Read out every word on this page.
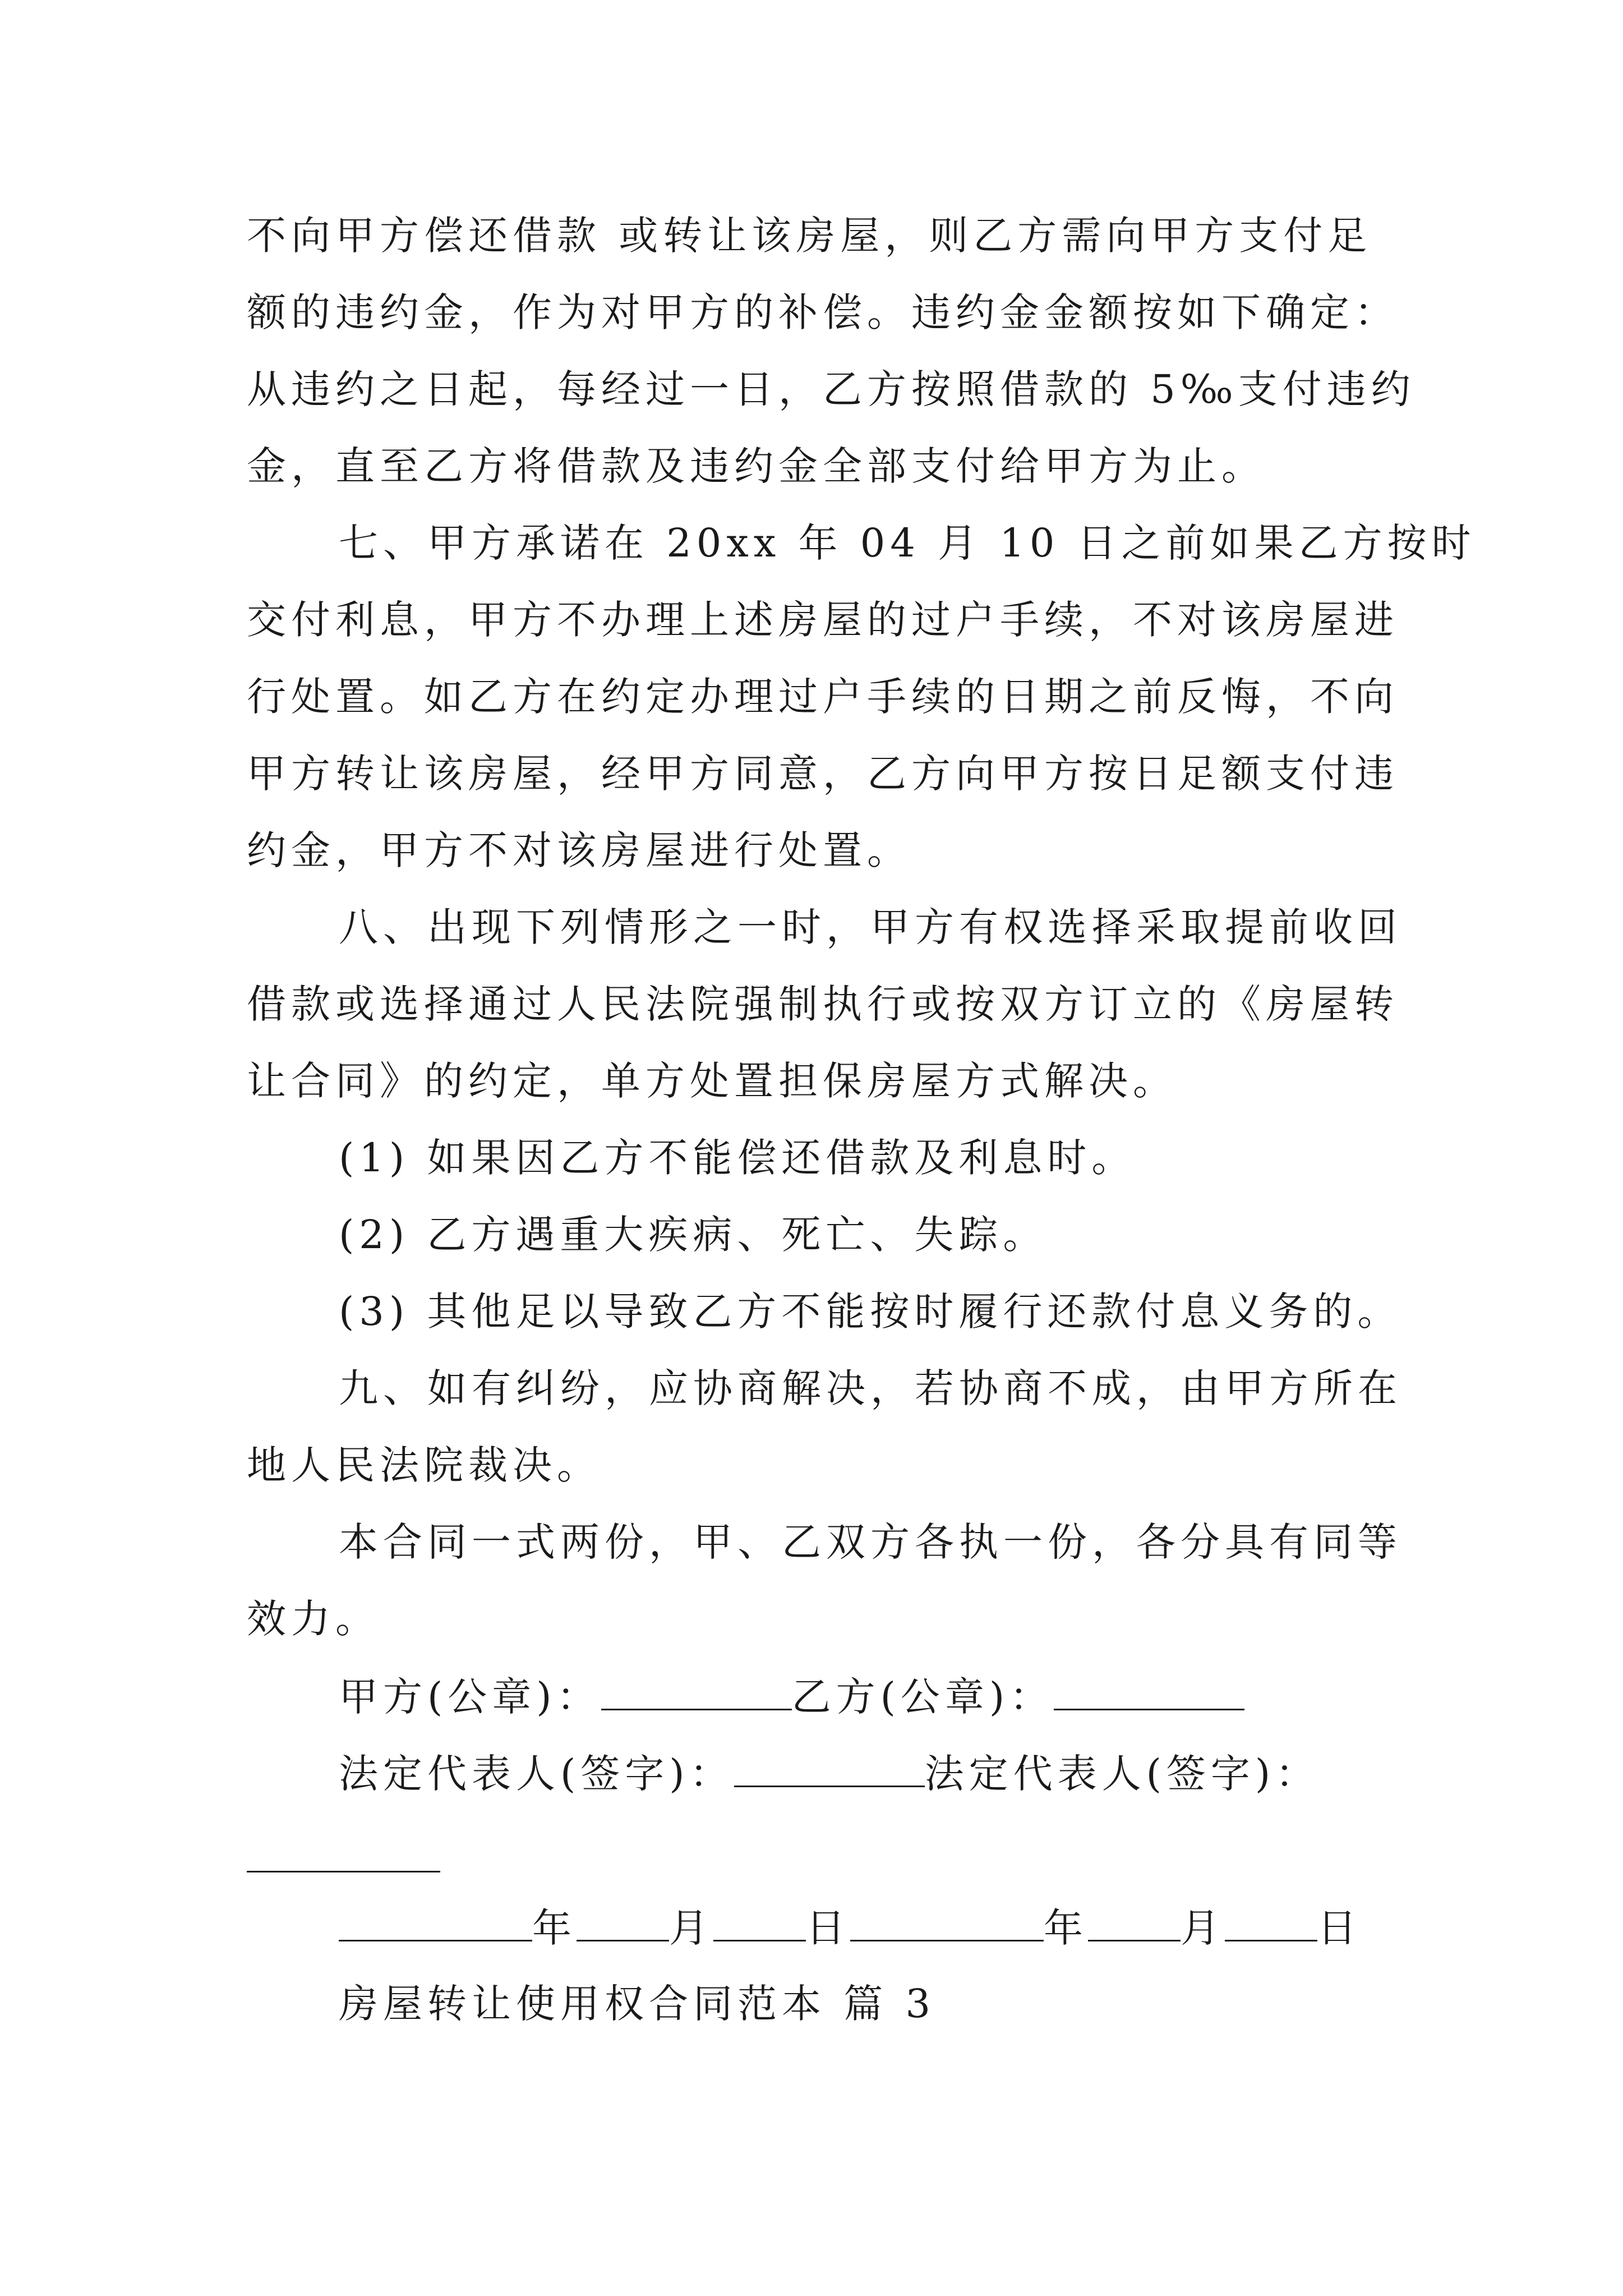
不向甲方偿还借款 或转让该房屋，则乙方需向甲方支付足
额的违约金，作为对甲方的补偿。违约金金额按如下确定：
从违约之日起，每经过一日，乙方按照借款的 5‰支付违约
金，直至乙方将借款及违约金全部支付给甲方为止。
七、甲方承诺在 20xx 年 04 月 10 日之前如果乙方按时
交付利息，甲方不办理上述房屋的过户手续，不对该房屋进
行处置。如乙方在约定办理过户手续的日期之前反悔，不向
甲方转让该房屋，经甲方同意，乙方向甲方按日足额支付违
约金，甲方不对该房屋进行处置。
八、出现下列情形之一时，甲方有权选择采取提前收回
借款或选择通过人民法院强制执行或按双方订立的《房屋转
让合同》的约定，单方处置担保房屋方式解决。
(1) 如果因乙方不能偿还借款及利息时。
(2) 乙方遇重大疾病、死亡、失踪。
(3) 其他足以导致乙方不能按时履行还款付息义务的。
九、如有纠纷，应协商解决，若协商不成，由甲方所在
地人民法院裁决。
本合同一式两份，甲、乙双方各执一份，各分具有同等
效力。
甲方(公章)：	乙方(公章)：
法定代表人(签字)：	法定代表人(签字)：
年 月 日	年 月 日
房屋转让使用权合同范本 篇 3
